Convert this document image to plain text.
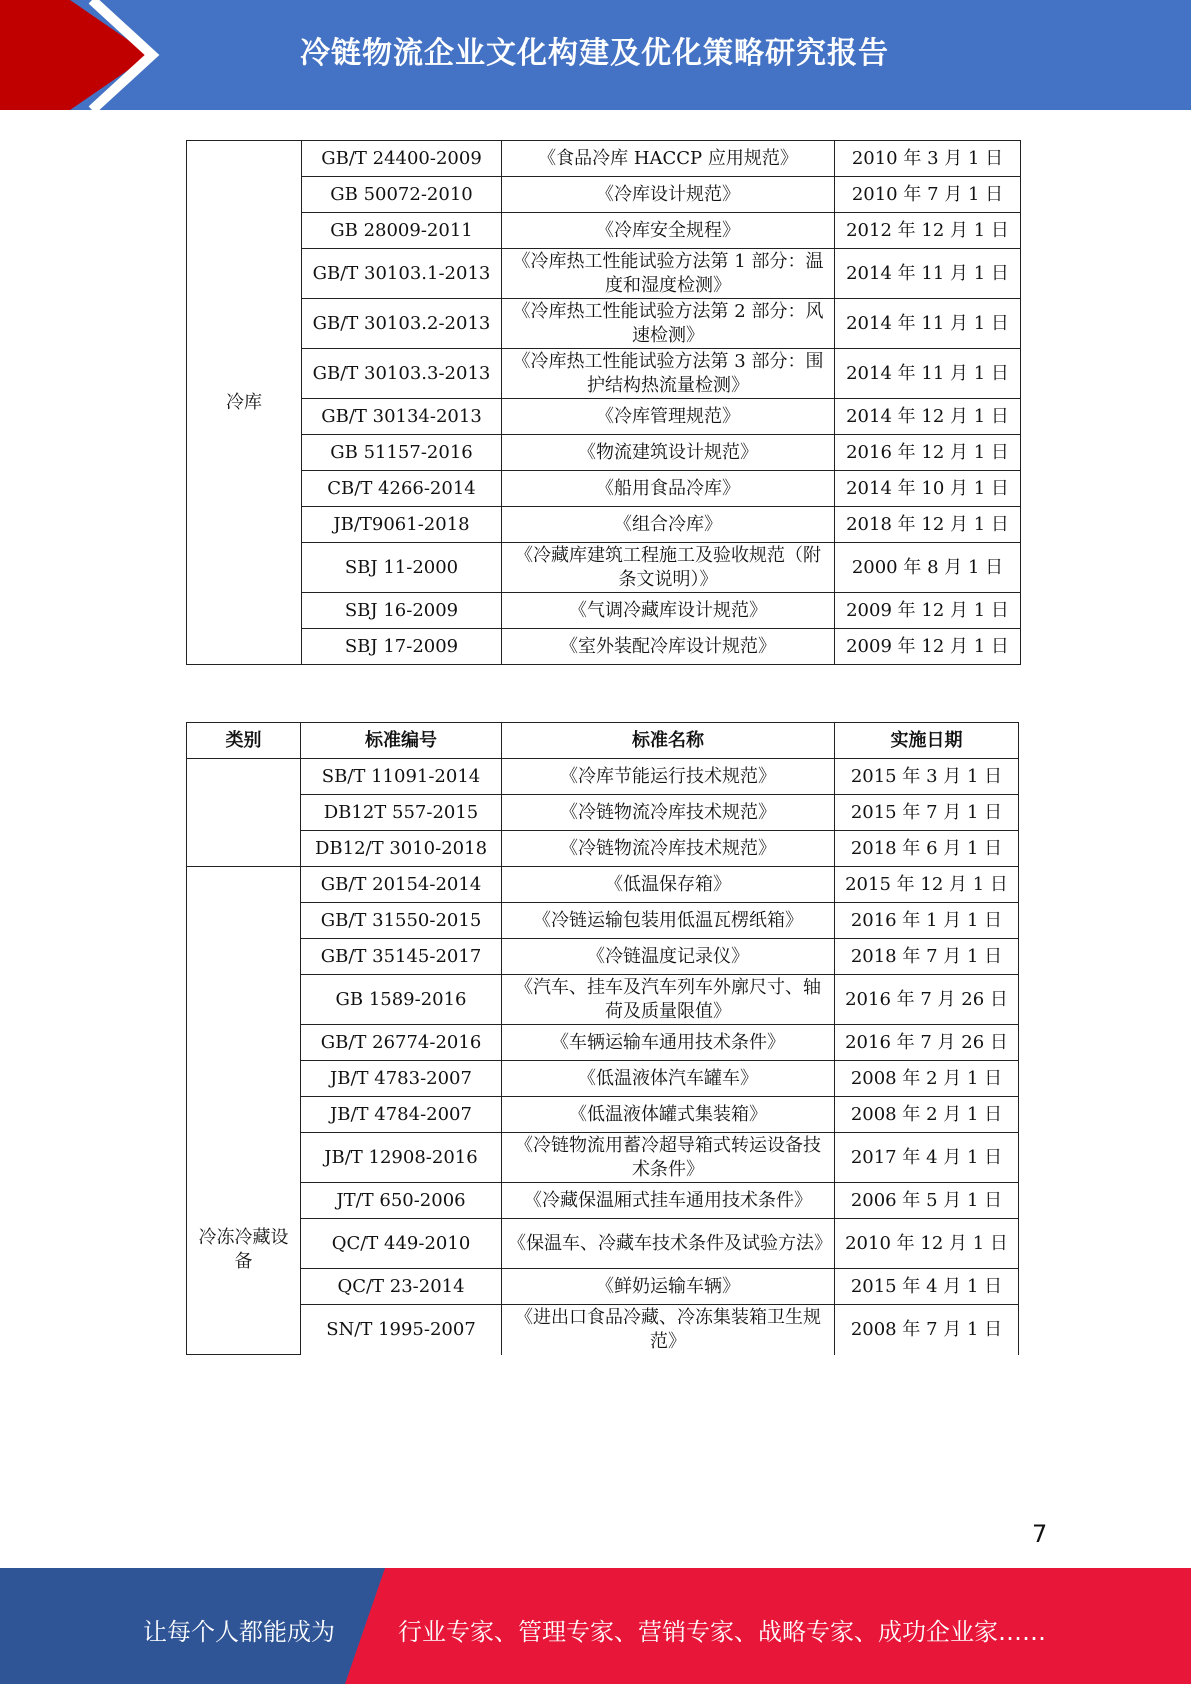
冷链物流企业文化构建及优化策略研究报告
冷库	GB/T 24400-2009	《食品冷库 HACCP 应用规范》	2010 年 3 月 1 日
	GB 50072-2010	《冷库设计规范》	2010 年 7 月 1 日
	GB 28009-2011	《冷库安全规程》	2012 年 12 月 1 日
	GB/T 30103.1-2013	《冷库热工性能试验方法第 1 部分：温度和湿度检测》	2014 年 11 月 1 日
	GB/T 30103.2-2013	《冷库热工性能试验方法第 2 部分：风速检测》	2014 年 11 月 1 日
	GB/T 30103.3-2013	《冷库热工性能试验方法第 3 部分：围护结构热流量检测》	2014 年 11 月 1 日
	GB/T 30134-2013	《冷库管理规范》	2014 年 12 月 1 日
	GB 51157-2016	《物流建筑设计规范》	2016 年 12 月 1 日
	CB/T 4266-2014	《船用食品冷库》	2014 年 10 月 1 日
	JB/T9061-2018	《组合冷库》	2018 年 12 月 1 日
	SBJ 11-2000	《冷藏库建筑工程施工及验收规范（附条文说明）》	2000 年 8 月 1 日
	SBJ 16-2009	《气调冷藏库设计规范》	2009 年 12 月 1 日
	SBJ 17-2009	《室外装配冷库设计规范》	2009 年 12 月 1 日
类别	标准编号	标准名称	实施日期
	SB/T 11091-2014	《冷库节能运行技术规范》	2015 年 3 月 1 日
	DB12T 557-2015	《冷链物流冷库技术规范》	2015 年 7 月 1 日
	DB12/T 3010-2018	《冷链物流冷库技术规范》	2018 年 6 月 1 日
冷冻冷藏设备	GB/T 20154-2014	《低温保存箱》	2015 年 12 月 1 日
	GB/T 31550-2015	《冷链运输包装用低温瓦楞纸箱》	2016 年 1 月 1 日
	GB/T 35145-2017	《冷链温度记录仪》	2018 年 7 月 1 日
	GB 1589-2016	《汽车、挂车及汽车列车外廓尺寸、轴荷及质量限值》	2016 年 7 月 26 日
	GB/T 26774-2016	《车辆运输车通用技术条件》	2016 年 7 月 26 日
	JB/T 4783-2007	《低温液体汽车罐车》	2008 年 2 月 1 日
	JB/T 4784-2007	《低温液体罐式集装箱》	2008 年 2 月 1 日
	JB/T 12908-2016	《冷链物流用蓄冷超导箱式转运设备技术条件》	2017 年 4 月 1 日
	JT/T 650-2006	《冷藏保温厢式挂车通用技术条件》	2006 年 5 月 1 日
	QC/T 449-2010	《保温车、冷藏车技术条件及试验方法》	2010 年 12 月 1 日
	QC/T 23-2014	《鲜奶运输车辆》	2015 年 4 月 1 日
	SN/T 1995-2007	《进出口食品冷藏、冷冻集装箱卫生规范》	2008 年 7 月 1 日
7
让每个人都能成为	行业专家、管理专家、营销专家、战略专家、成功企业家……
